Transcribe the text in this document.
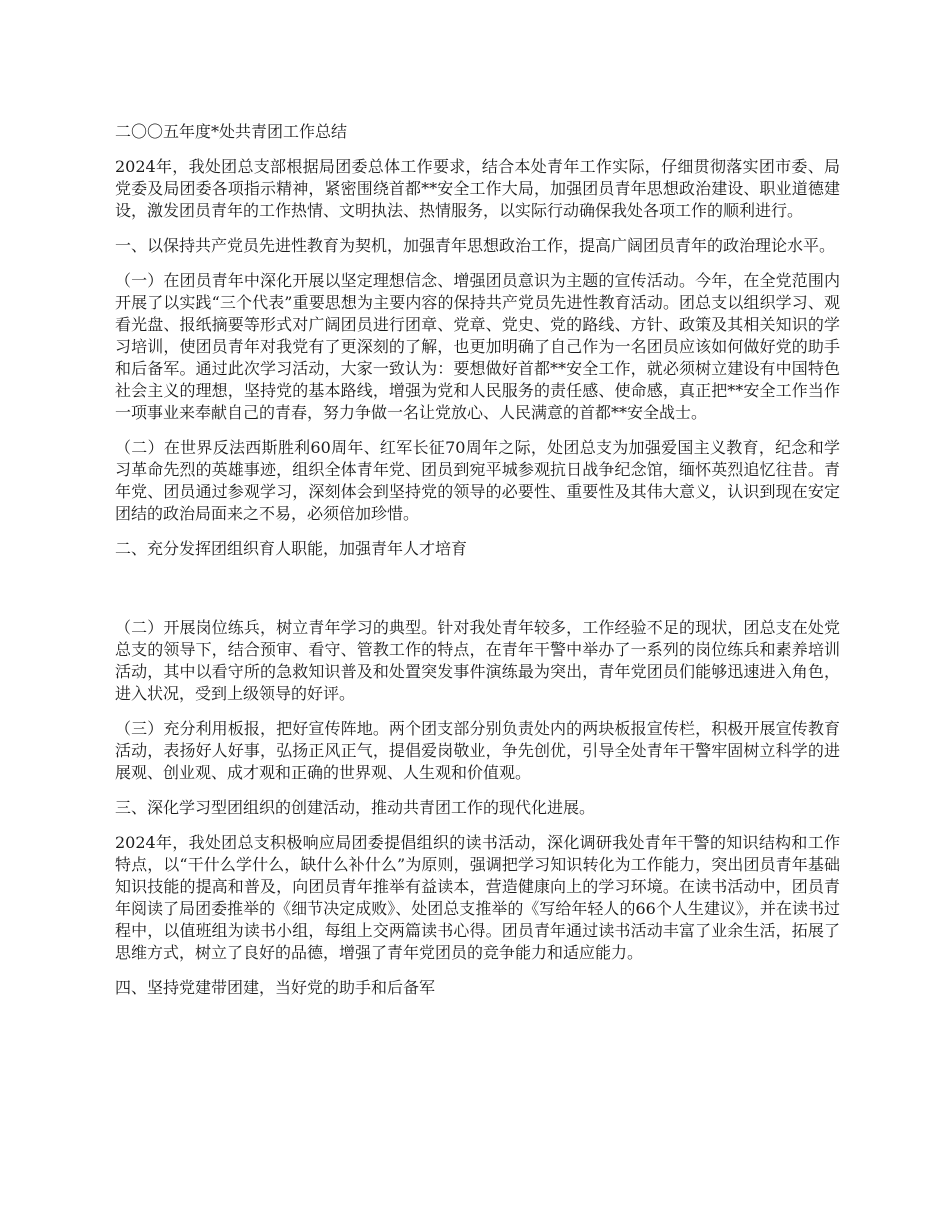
二〇〇五年度*处共青团工作总结

2024年，我处团总支部根据局团委总体工作要求，结合本处青年工作实际，仔细贯彻落实团市委、局党委及局团委各项指示精神，紧密围绕首都**安全工作大局，加强团员青年思想政治建设、职业道德建设，激发团员青年的工作热情、文明执法、热情服务，以实际行动确保我处各项工作的顺利进行。

一、以保持共产党员先进性教育为契机，加强青年思想政治工作，提高广阔团员青年的政治理论水平。

（一）在团员青年中深化开展以坚定理想信念、增强团员意识为主题的宣传活动。今年，在全党范围内开展了以实践“三个代表”重要思想为主要内容的保持共产党员先进性教育活动。团总支以组织学习、观看光盘、报纸摘要等形式对广阔团员进行团章、党章、党史、党的路线、方针、政策及其相关知识的学习培训，使团员青年对我党有了更深刻的了解，也更加明确了自己作为一名团员应该如何做好党的助手和后备军。通过此次学习活动，大家一致认为：要想做好首都**安全工作，就必须树立建设有中国特色社会主义的理想，坚持党的基本路线，增强为党和人民服务的责任感、使命感，真正把**安全工作当作一项事业来奉献自己的青春，努力争做一名让党放心、人民满意的首都**安全战士。

（二）在世界反法西斯胜利60周年、红军长征70周年之际，处团总支为加强爱国主义教育，纪念和学习革命先烈的英雄事迹，组织全体青年党、团员到宛平城参观抗日战争纪念馆，缅怀英烈追忆往昔。青年党、团员通过参观学习，深刻体会到坚持党的领导的必要性、重要性及其伟大意义，认识到现在安定团结的政治局面来之不易，必须倍加珍惜。

二、充分发挥团组织育人职能，加强青年人才培育

（二）开展岗位练兵，树立青年学习的典型。针对我处青年较多，工作经验不足的现状，团总支在处党总支的领导下，结合预审、看守、管教工作的特点，在青年干警中举办了一系列的岗位练兵和素养培训活动，其中以看守所的急救知识普及和处置突发事件演练最为突出，青年党团员们能够迅速进入角色，进入状况，受到上级领导的好评。

（三）充分利用板报，把好宣传阵地。两个团支部分别负责处内的两块板报宣传栏，积极开展宣传教育活动，表扬好人好事，弘扬正风正气，提倡爱岗敬业，争先创优，引导全处青年干警牢固树立科学的进展观、创业观、成才观和正确的世界观、人生观和价值观。

三、深化学习型团组织的创建活动，推动共青团工作的现代化进展。

2024年，我处团总支积极响应局团委提倡组织的读书活动，深化调研我处青年干警的知识结构和工作特点，以“干什么学什么，缺什么补什么”为原则，强调把学习知识转化为工作能力，突出团员青年基础知识技能的提高和普及，向团员青年推举有益读本，营造健康向上的学习环境。在读书活动中，团员青年阅读了局团委推举的《细节决定成败》、处团总支推举的《写给年轻人的66个人生建议》，并在读书过程中，以值班组为读书小组，每组上交两篇读书心得。团员青年通过读书活动丰富了业余生活，拓展了思维方式，树立了良好的品德，增强了青年党团员的竞争能力和适应能力。

四、坚持党建带团建，当好党的助手和后备军
